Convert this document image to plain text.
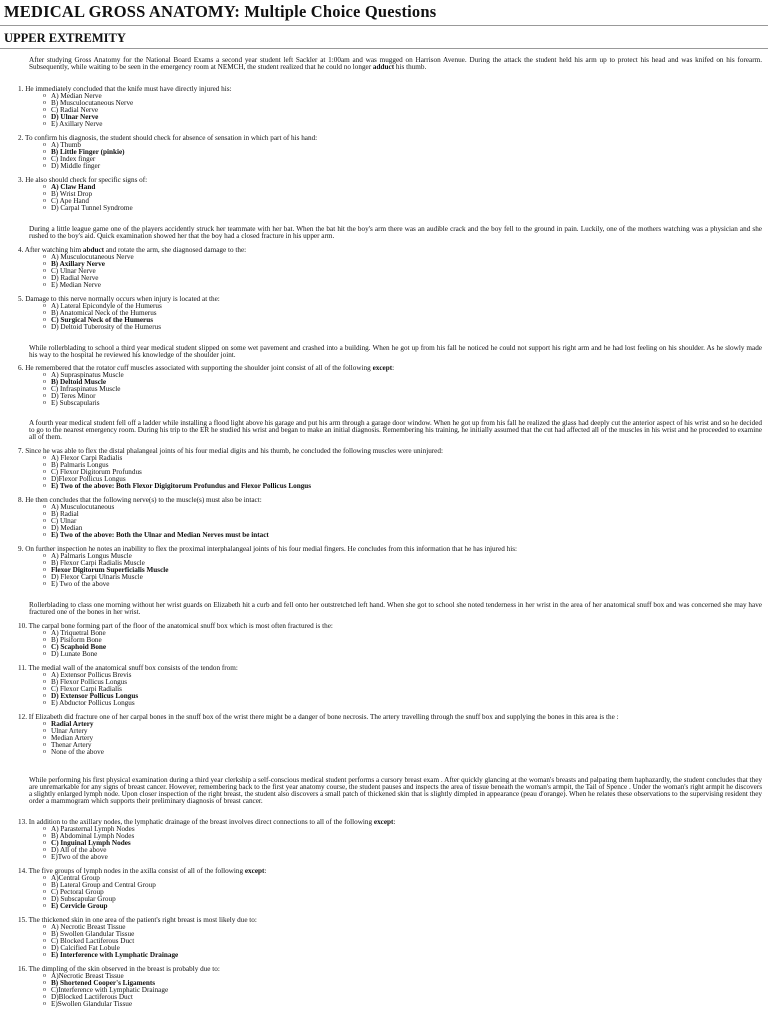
MEDICAL GROSS ANATOMY: Multiple Choice Questions
UPPER EXTREMITY
After studying Gross Anatomy for the National Board Exams a second year student left Sackler at 1:00am and was mugged on Harrison Avenue. During the attack the student held his arm up to protect his head and was knifed on his forearm. Subsequently, while waiting to be seen in the emergency room at NEMCH, the student realized that he could no longer adduct his thumb.
1. He immediately concluded that the knife must have directly injured his:
o A) Median Nerve
o B) Musculocutaneous Nerve
o C) Radial Nerve
o D) Ulnar Nerve
o E) Axillary Nerve
2. To confirm his diagnosis, the student should check for absence of sensation in which part of his hand:
o A) Thumb
o B) Little Finger (pinkie)
o C) Index finger
o D) Middle finger
3. He also should check for specific signs of:
o A) Claw Hand
o B) Wrist Drop
o C) Ape Hand
o D) Carpal Tunnel Syndrome
During a little league game one of the players accidently struck her teammate with her bat. When the bat hit the boy's arm there was an audible crack and the boy fell to the ground in pain. Luckily, one of the mothers watching was a physician and she rushed to the boy's aid. Quick examination showed her that the boy had a closed fracture in his upper arm.
4. After watching him abduct and rotate the arm, she diagnosed damage to the:
o A) Musculocutaneous Nerve
o B) Axillary Nerve
o C) Ulnar Nerve
o D) Radial Nerve
o E) Median Nerve
5. Damage to this nerve normally occurs when injury is located at the:
o A) Lateral Epicondyle of the Humerus
o B) Anatomical Neck of the Humerus
o C) Surgical Neck of the Humerus
o D) Deltoid Tuberosity of the Humerus
While rollerblading to school a third year medical student slipped on some wet pavement and crashed into a building. When he got up from his fall he noticed he could not support his right arm and he had lost feeling on his shoulder. As he slowly made his way to the hospital he reviewed his knowledge of the shoulder joint.
6. He remembered that the rotator cuff muscles associated with supporting the shoulder joint consist of all of the following except:
o A) Supraspinatus Muscle
o B) Deltoid Muscle
o C) Infraspinatus Muscle
o D) Teres Minor
o E) Subscapularis
A fourth year medical student fell off a ladder while installing a flood light above his garage and put his arm through a garage door window. When he got up from his fall he realized the glass had deeply cut the anterior aspect of his wrist and so he decided to go to the nearest emergency room. During his trip to the ER he studied his wrist and began to make an initial diagnosis. Remembering his training, he initially assumed that the cut had affected all of the muscles in his wrist and he proceeded to examine all of them.
7. Since he was able to flex the distal phalangeal joints of his four medial digits and his thumb, he concluded the following muscles were uninjured:
o A) Flexor Carpi Radialis
o B) Palmaris Longus
o C) Flexor Digitorum Profundus
o D)Flexor Pollicus Longus
o E) Two of the above: Both Flexor Digigitorum Profundus and Flexor Pollicus Longus
8. He then concludes that the following nerve(s) to the muscle(s) must also be intact:
o A) Musculocutaneous
o B) Radial
o C) Ulnar
o D) Median
o E) Two of the above: Both the Ulnar and Median Nerves must be intact
9. On further inspection he notes an inability to flex the proximal interphalangeal joints of his four medial fingers. He concludes from this information that he has injured his:
o A) Palmaris Longus Muscle
o B) Flexor Carpi Radialis Muscle
o Flexor Digitorum Superficialis Muscle
o D) Flexor Carpi Ulnaris Muscle
o E) Two of the above
Rollerblading to class one morning without her wrist guards on Elizabeth hit a curb and fell onto her outstretched left hand. When she got to school she noted tenderness in her wrist in the area of her anatomical snuff box and was concerned she may have fractured one of the bones in her wrist.
10. The carpal bone forming part of the floor of the anatomical snuff box which is most often fractured is the:
o A) Triquetral Bone
o B) Pisiform Bone
o C) Scaphoid Bone
o D) Lunate Bone
11. The medial wall of the anatomical snuff box consists of the tendon from:
o A) Extensor Pollicus Brevis
o B) Flexor Pollicus Longus
o C) Flexor Carpi Radialis
o D) Extensor Pollicus Longus
o E) Abductor Pollicus Longus
12. If Elizabeth did fracture one of her carpal bones in the snuff box of the wrist there might be a danger of bone necrosis. The artery travelling through the snuff box and supplying the bones in this area is the :
o Radial Artery
o Ulnar Artery
o Median Artery
o Thenar Artery
o None of the above
While performing his first physical examination during a third year clerkship a self-conscious medical student performs a cursory breast exam . After quickly glancing at the woman's breasts and palpating them haphazardly, the student concludes that they are unremarkable for any signs of breast cancer. However, remembering back to the first year anatomy course, the student pauses and inspects the area of tissue beneath the woman's armpit, the Tail of Spence . Under the woman's right armpit he discovers a slightly enlarged lymph node. Upon closer inspection of the right breast, the student also discovers a small patch of thickened skin that is slightly dimpled in appearance (peau d'orange). When he relates these observations to the supervising resident they order a mammogram which supports their preliminary diagnosis of breast cancer.
13. In addition to the axillary nodes, the lymphatic drainage of the breast involves direct connections to all of the following except:
o A) Parasternal Lymph Nodes
o B) Abdominal Lymph Nodes
o C) Inguinal Lymph Nodes
o D) All of the above
o E)Two of the above
14. The five groups of lymph nodes in the axilla consist of all of the following except:
o A)Central Group
o B) Lateral Group and Central Group
o C) Pectoral Group
o D) Subscapular Group
o E) Cervicle Group
15. The thickened skin in one area of the patient's right breast is most likely due to:
o A) Necrotic Breast Tissue
o B) Swollen Glandular Tissue
o C) Blocked Lactiferous Duct
o D) Calcified Fat Lobule
o E) Interference with Lymphatic Drainage
16. The dimpling of the skin observed in the breast is probably due to:
o A)Necrotic Breast Tissue
o B) Shortened Cooper's Ligaments
o C)Interference with Lymphatic Drainage
o D)Blocked Lactiferous Duct
o E)Swollen Glandular Tissue
